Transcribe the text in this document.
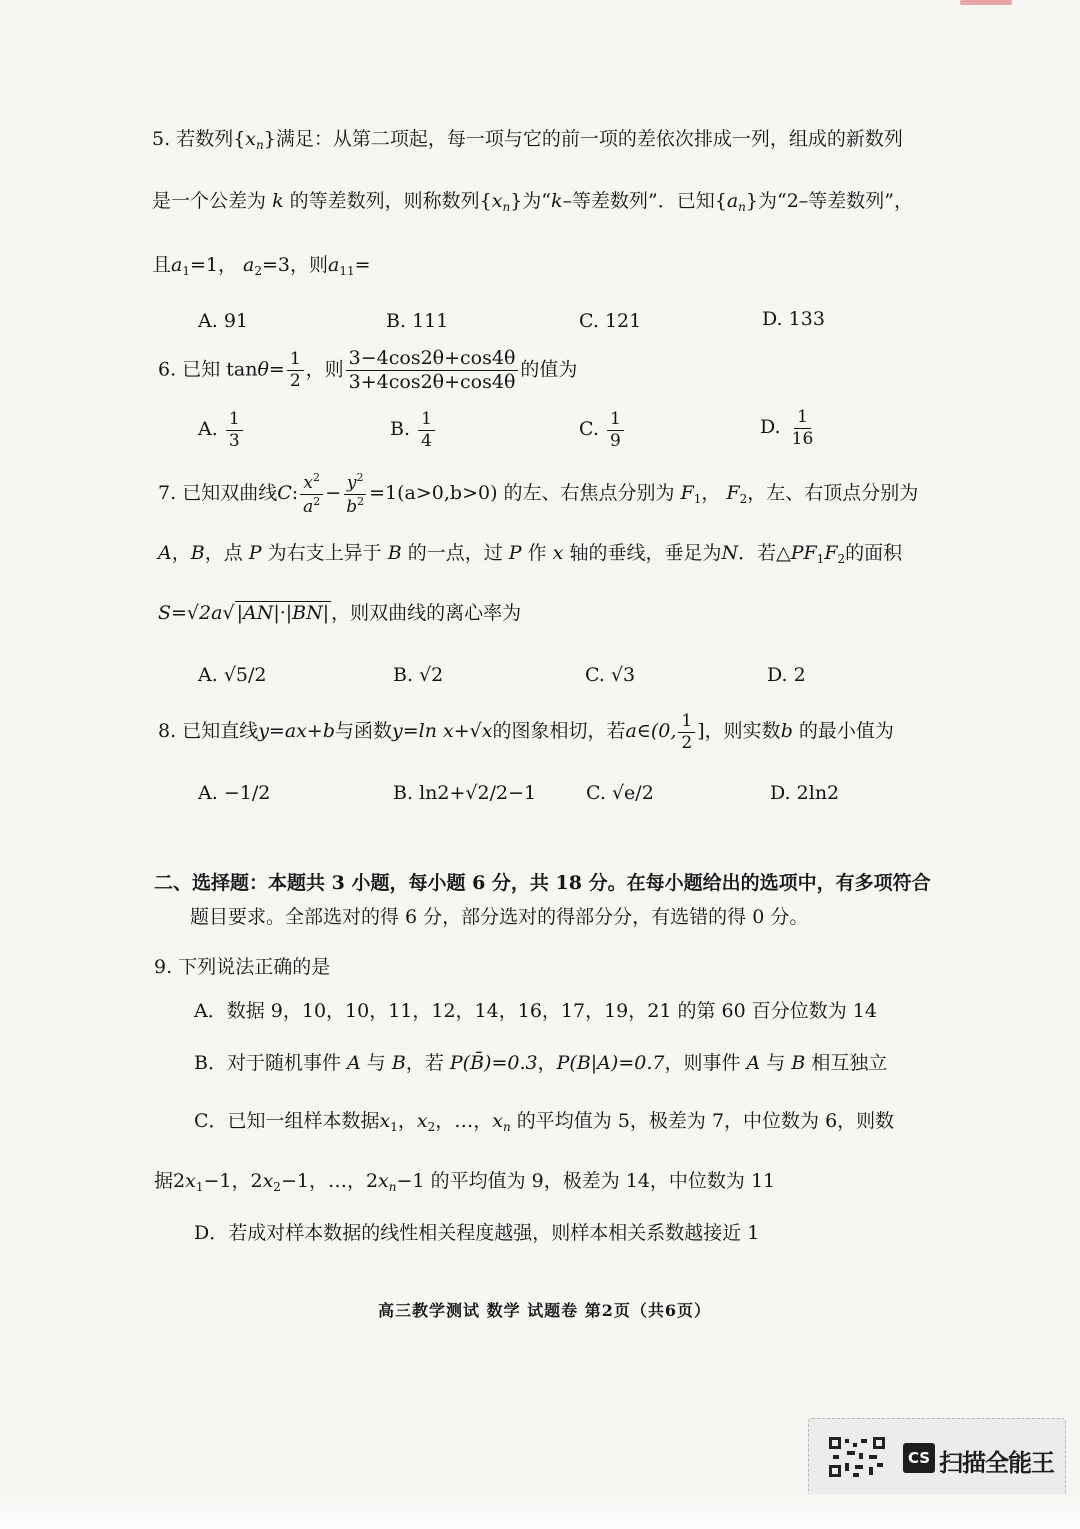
5. 若数列$\{x_n\}$满足：从第二项起，每一项与它的前一项的差依次排成一列，组成的新数列
是一个公差为 k 的等差数列，则称数列$\{x_n\}$为“k–等差数列”．已知$\{a_n\}$为“2–等差数列”，
且$a_1=1$， $a_2=3$，则$a_{11}=$
A. 91	B. 111	C. 121	D. 133
6. 已知 $\tan\theta= \frac{1}{2}$ ，则 $\frac{3-4\cos 2\theta+\cos 4\theta}{3+4\cos 2\theta+\cos 4\theta}$ 的值为
A. $\frac{1}{3}$	B. $\frac{1}{4}$	C. $\frac{1}{9}$	D. $\frac{1}{16}$
7. 已知双曲线C: $\frac{x^2}{a^2} - \frac{y^2}{b^2} =1(a>0,b>0)$ 的左、右焦点分别为 $F_1$， $F_2$，左、右顶点分别为
A，B，点 P 为右支上异于 B 的一点，过 P 作 x 轴的垂线，垂足为N．若$\triangle PF_1F_2$的面积
S=√2a√ |AN|·|BN| ，则双曲线的离心率为
A. √5/2	B. √2	C. √3	D. 2
8. 已知直线y=ax+b与函数y=ln x+√x的图象相切，若a∈(0, $\frac{1}{2}$ ]，则实数b 的最小值为
A. −1/2	B. ln2+√2/2−1	C. √e/2	D. 2ln2
二、选择题：本题共 3 小题，每小题 6 分，共 18 分。在每小题给出的选项中，有多项符合
题目要求。全部选对的得 6 分，部分选对的得部分分，有选错的得 0 分。
9. 下列说法正确的是
A．数据 9，10，10，11，12，14，16，17，19，21 的第 60 百分位数为 14
B．对于随机事件 A 与 B，若 P(B̄)=0.3，P(B|A)=0.7，则事件 A 与 B 相互独立
C．已知一组样本数据$x_1$，$x_2$，…，$x_n$ 的平均值为 5，极差为 7，中位数为 6，则数
据$2x_1-1$，$2x_2-1$，…，$2x_n-1$ 的平均值为 9，极差为 14，中位数为 11
D．若成对样本数据的线性相关程度越强，则样本相关系数越接近 1
高三教学测试 数学 试题卷 第2页（共6页）
CS 扫描全能王
